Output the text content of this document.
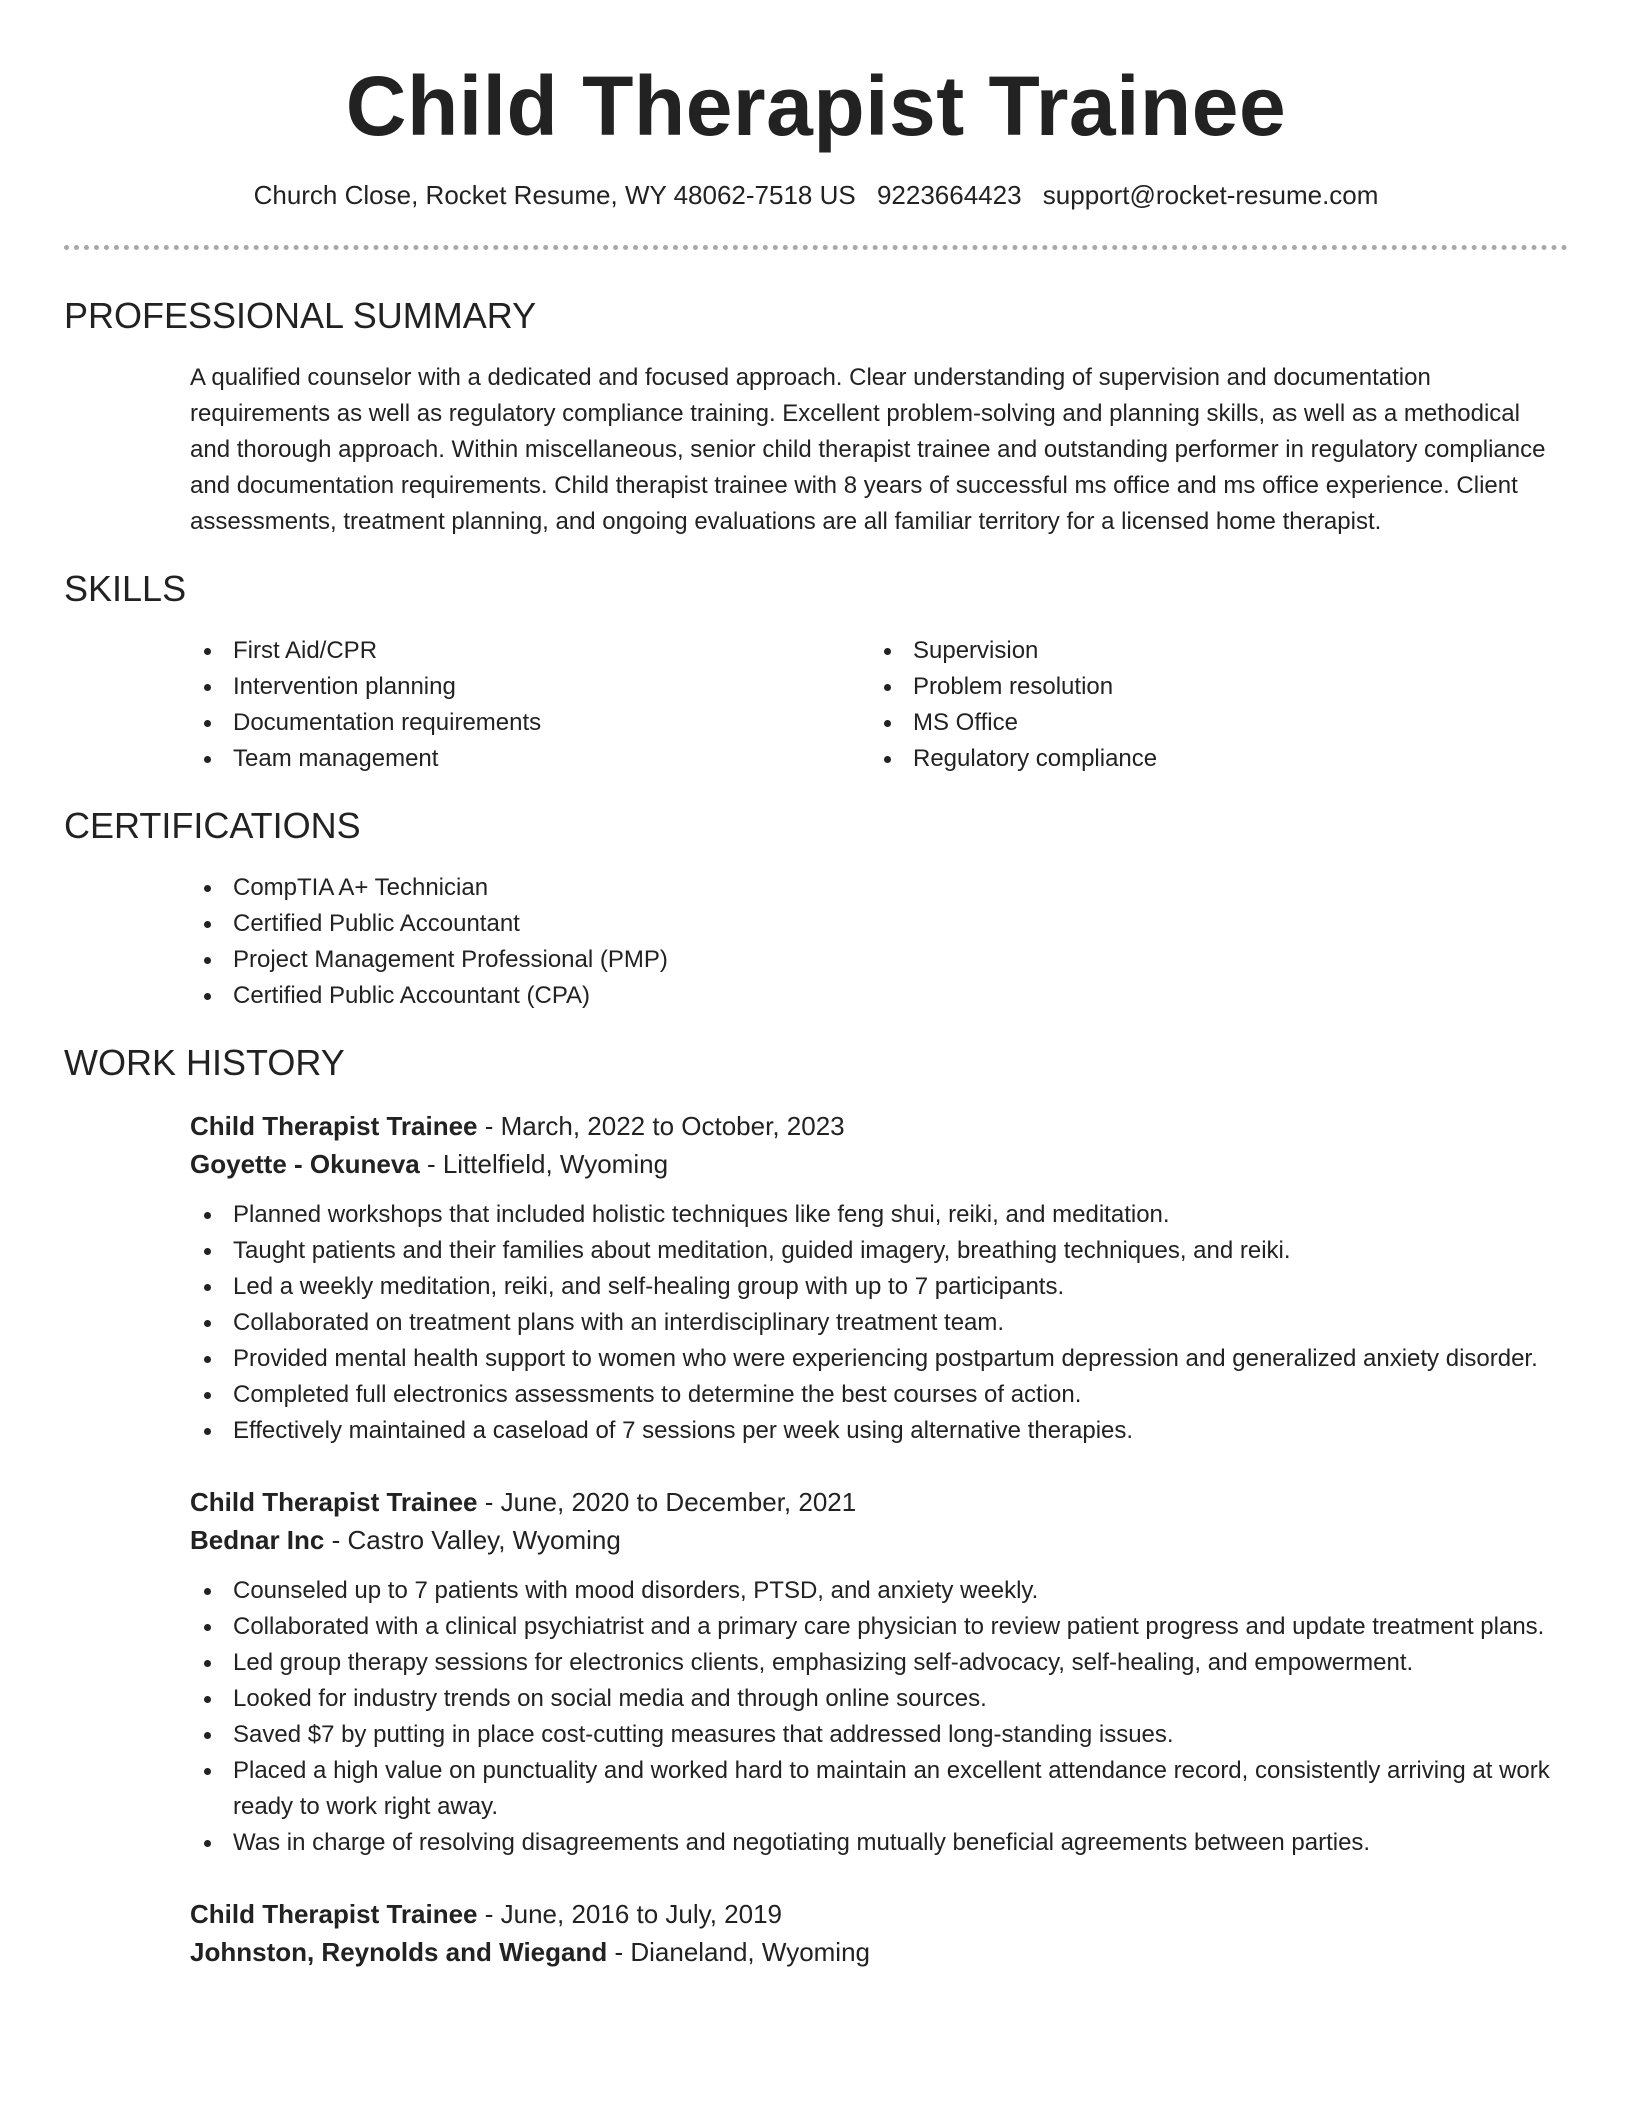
Child Therapist Trainee
Church Close, Rocket Resume, WY 48062-7518 US 9223664423 support@rocket-resume.com
PROFESSIONAL SUMMARY
A qualified counselor with a dedicated and focused approach. Clear understanding of supervision and documentation requirements as well as regulatory compliance training. Excellent problem-solving and planning skills, as well as a methodical and thorough approach. Within miscellaneous, senior child therapist trainee and outstanding performer in regulatory compliance and documentation requirements. Child therapist trainee with 8 years of successful ms office and ms office experience. Client assessments, treatment planning, and ongoing evaluations are all familiar territory for a licensed home therapist.
SKILLS
First Aid/CPR
Intervention planning
Documentation requirements
Team management
Supervision
Problem resolution
MS Office
Regulatory compliance
CERTIFICATIONS
CompTIA A+ Technician
Certified Public Accountant
Project Management Professional (PMP)
Certified Public Accountant (CPA)
WORK HISTORY
Child Therapist Trainee - March, 2022 to October, 2023
Goyette - Okuneva - Littelfield, Wyoming
Planned workshops that included holistic techniques like feng shui, reiki, and meditation.
Taught patients and their families about meditation, guided imagery, breathing techniques, and reiki.
Led a weekly meditation, reiki, and self-healing group with up to 7 participants.
Collaborated on treatment plans with an interdisciplinary treatment team.
Provided mental health support to women who were experiencing postpartum depression and generalized anxiety disorder.
Completed full electronics assessments to determine the best courses of action.
Effectively maintained a caseload of 7 sessions per week using alternative therapies.
Child Therapist Trainee - June, 2020 to December, 2021
Bednar Inc - Castro Valley, Wyoming
Counseled up to 7 patients with mood disorders, PTSD, and anxiety weekly.
Collaborated with a clinical psychiatrist and a primary care physician to review patient progress and update treatment plans.
Led group therapy sessions for electronics clients, emphasizing self-advocacy, self-healing, and empowerment.
Looked for industry trends on social media and through online sources.
Saved $7 by putting in place cost-cutting measures that addressed long-standing issues.
Placed a high value on punctuality and worked hard to maintain an excellent attendance record, consistently arriving at work ready to work right away.
Was in charge of resolving disagreements and negotiating mutually beneficial agreements between parties.
Child Therapist Trainee - June, 2016 to July, 2019
Johnston, Reynolds and Wiegand - Dianeland, Wyoming
